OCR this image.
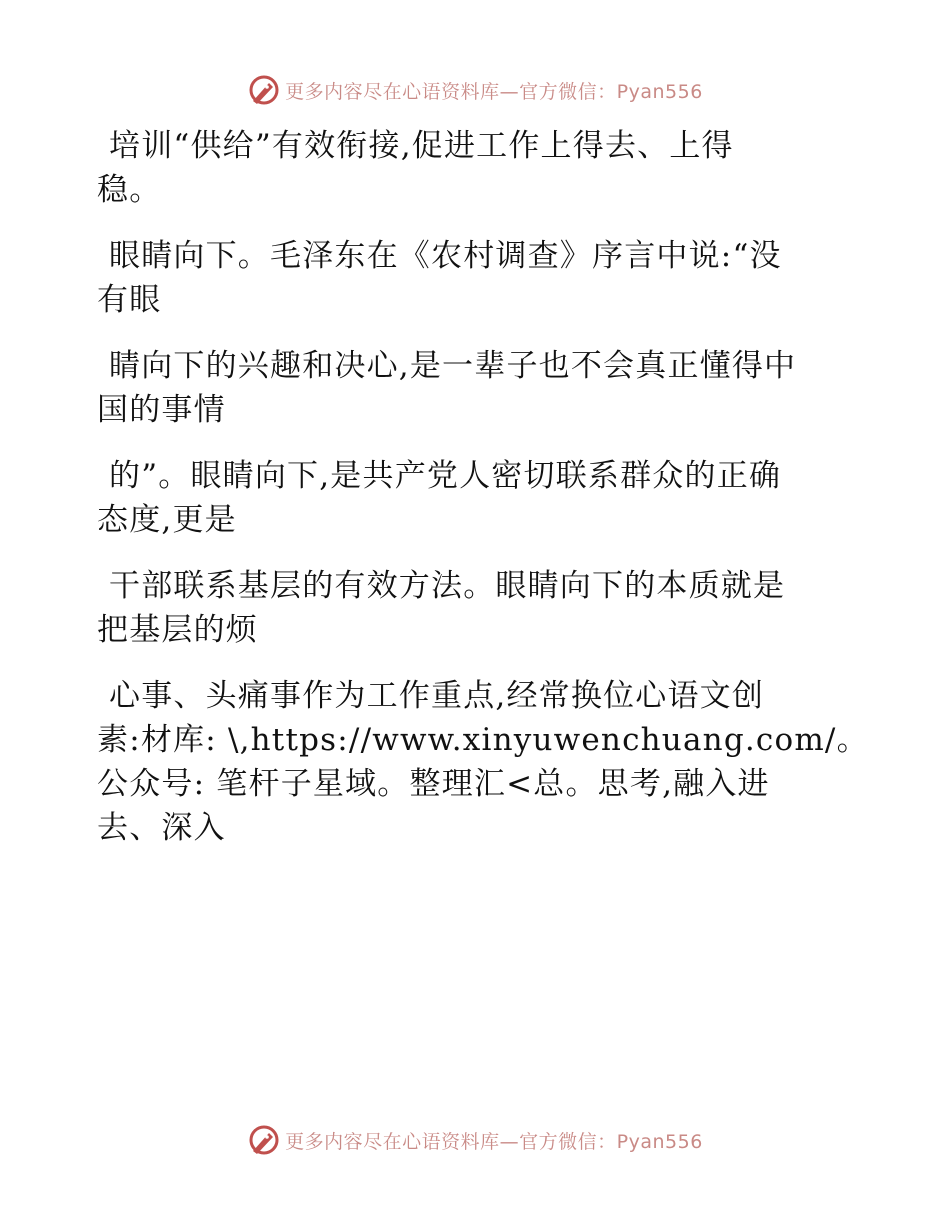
更多内容尽在心语资料库—官方微信：Pyan556

培训“供给”有效衔接,促进工作上得去、上得
稳。

眼睛向下。毛泽东在《农村调查》序言中说:“没
有眼

睛向下的兴趣和决心,是一辈子也不会真正懂得中
国的事情

的”。眼睛向下,是共产党人密切联系群众的正确
态度,更是

干部联系基层的有效方法。眼睛向下的本质就是
把基层的烦

心事、头痛事作为工作重点,经常换位心语文创
素:材库: \,https://www.xinyuwenchuang.com/。
公众号: 笔杆子星域。整理汇<总。思考,融入进
去、深入

更多内容尽在心语资料库—官方微信：Pyan556
